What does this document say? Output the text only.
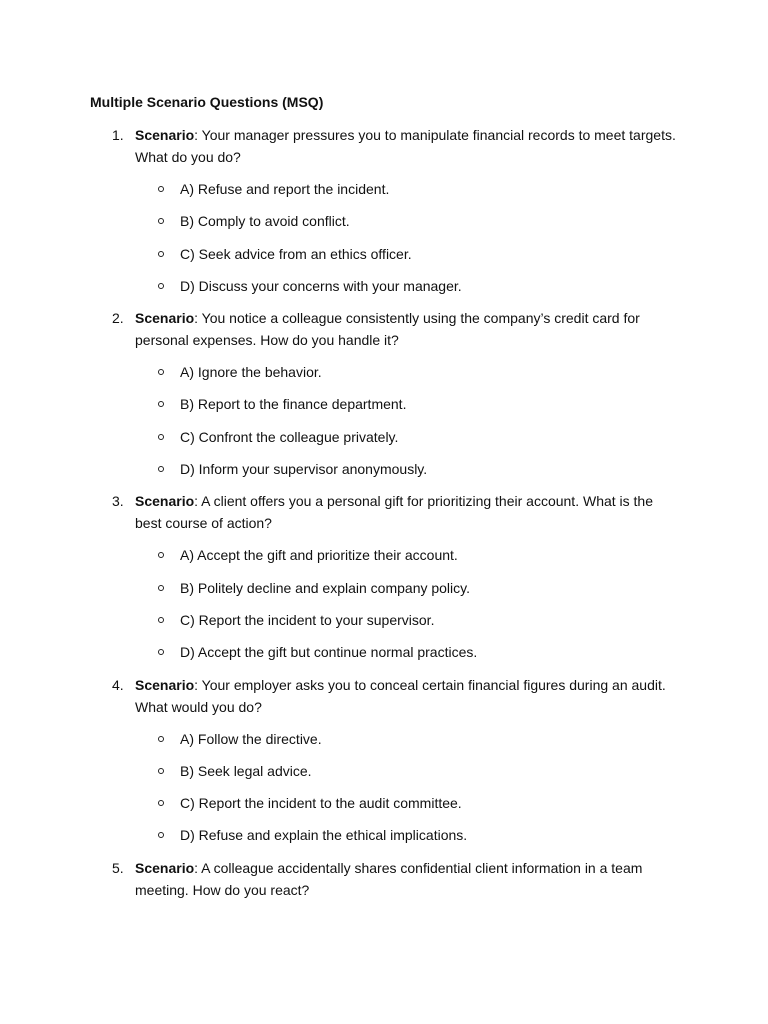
Multiple Scenario Questions (MSQ)
1. Scenario: Your manager pressures you to manipulate financial records to meet targets. What do you do?
A) Refuse and report the incident.
B) Comply to avoid conflict.
C) Seek advice from an ethics officer.
D) Discuss your concerns with your manager.
2. Scenario: You notice a colleague consistently using the company’s credit card for personal expenses. How do you handle it?
A) Ignore the behavior.
B) Report to the finance department.
C) Confront the colleague privately.
D) Inform your supervisor anonymously.
3. Scenario: A client offers you a personal gift for prioritizing their account. What is the best course of action?
A) Accept the gift and prioritize their account.
B) Politely decline and explain company policy.
C) Report the incident to your supervisor.
D) Accept the gift but continue normal practices.
4. Scenario: Your employer asks you to conceal certain financial figures during an audit. What would you do?
A) Follow the directive.
B) Seek legal advice.
C) Report the incident to the audit committee.
D) Refuse and explain the ethical implications.
5. Scenario: A colleague accidentally shares confidential client information in a team meeting. How do you react?
